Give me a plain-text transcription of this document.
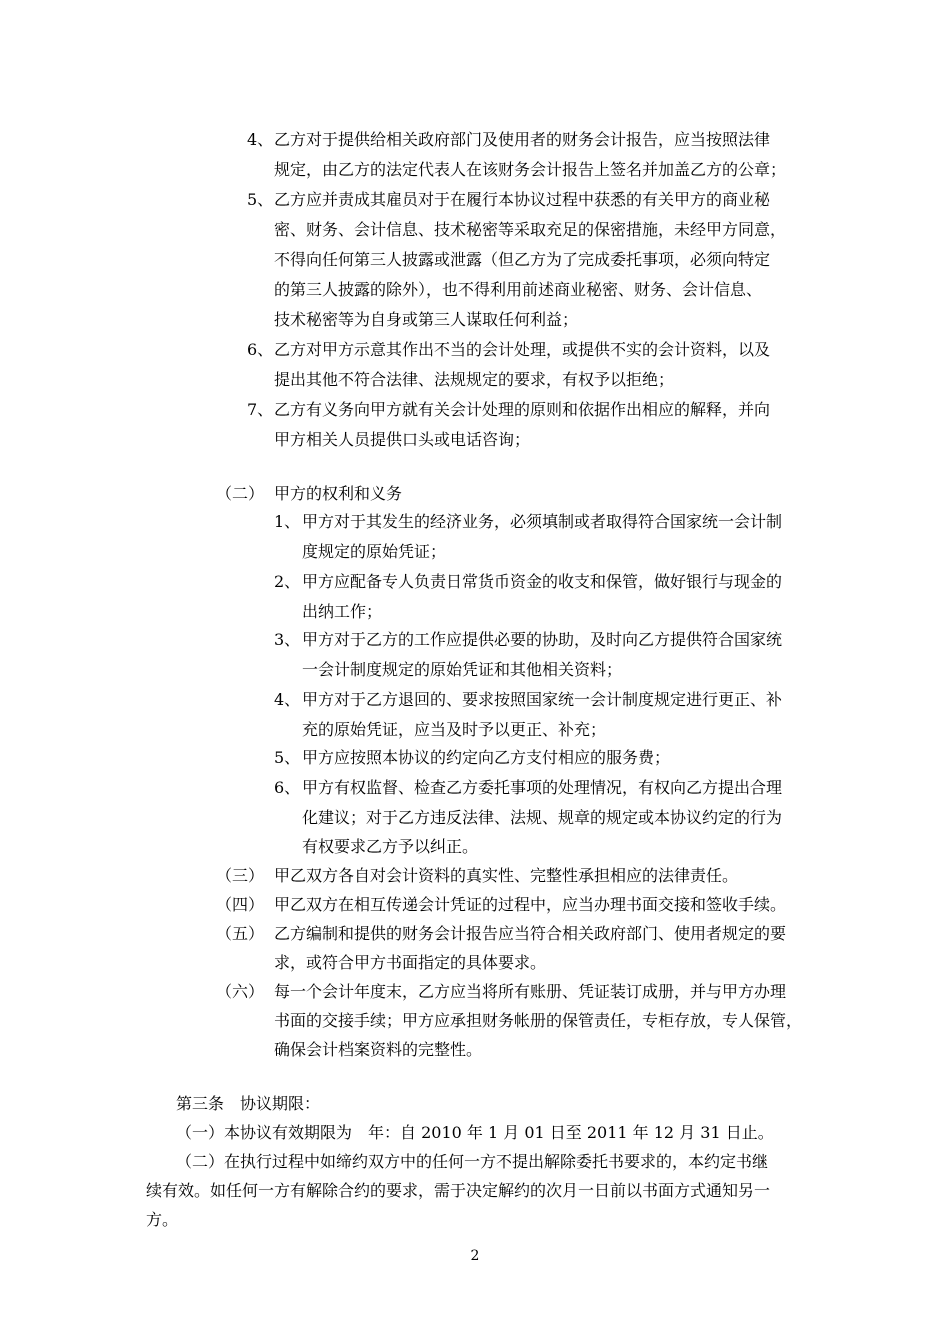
4、 乙方对于提供给相关政府部门及使用者的财务会计报告，应当按照法律
规定，由乙方的法定代表人在该财务会计报告上签名并加盖乙方的公章；
5、 乙方应并责成其雇员对于在履行本协议过程中获悉的有关甲方的商业秘
密、财务、会计信息、技术秘密等采取充足的保密措施，未经甲方同意，
不得向任何第三人披露或泄露（但乙方为了完成委托事项，必须向特定
的第三人披露的除外），也不得利用前述商业秘密、财务、会计信息、
技术秘密等为自身或第三人谋取任何利益；
6、 乙方对甲方示意其作出不当的会计处理，或提供不实的会计资料，以及
提出其他不符合法律、法规规定的要求，有权予以拒绝；
7、 乙方有义务向甲方就有关会计处理的原则和依据作出相应的解释，并向
甲方相关人员提供口头或电话咨询；
（二） 甲方的权利和义务
1、 甲方对于其发生的经济业务，必须填制或者取得符合国家统一会计制
度规定的原始凭证；
2、 甲方应配备专人负责日常货币资金的收支和保管，做好银行与现金的
出纳工作；
3、 甲方对于乙方的工作应提供必要的协助，及时向乙方提供符合国家统
一会计制度规定的原始凭证和其他相关资料；
4、 甲方对于乙方退回的、要求按照国家统一会计制度规定进行更正、补
充的原始凭证，应当及时予以更正、补充；
5、 甲方应按照本协议的约定向乙方支付相应的服务费；
6、 甲方有权监督、检查乙方委托事项的处理情况，有权向乙方提出合理
化建议；对于乙方违反法律、法规、规章的规定或本协议约定的行为
有权要求乙方予以纠正。
（三） 甲乙双方各自对会计资料的真实性、完整性承担相应的法律责任。
（四） 甲乙双方在相互传递会计凭证的过程中，应当办理书面交接和签收手续。
（五） 乙方编制和提供的财务会计报告应当符合相关政府部门、使用者规定的要
求，或符合甲方书面指定的具体要求。
（六） 每一个会计年度末，乙方应当将所有账册、凭证装订成册，并与甲方办理
书面的交接手续；甲方应承担财务帐册的保管责任，专柜存放，专人保管，
确保会计档案资料的完整性。
第三条　协议期限：
（一）本协议有效期限为　年：自 2010 年 1 月 01 日至 2011 年 12 月 31 日止。
（二）在执行过程中如缔约双方中的任何一方不提出解除委托书要求的，本约定书继
续有效。如任何一方有解除合约的要求，需于决定解约的次月一日前以书面方式通知另一
方。
2
